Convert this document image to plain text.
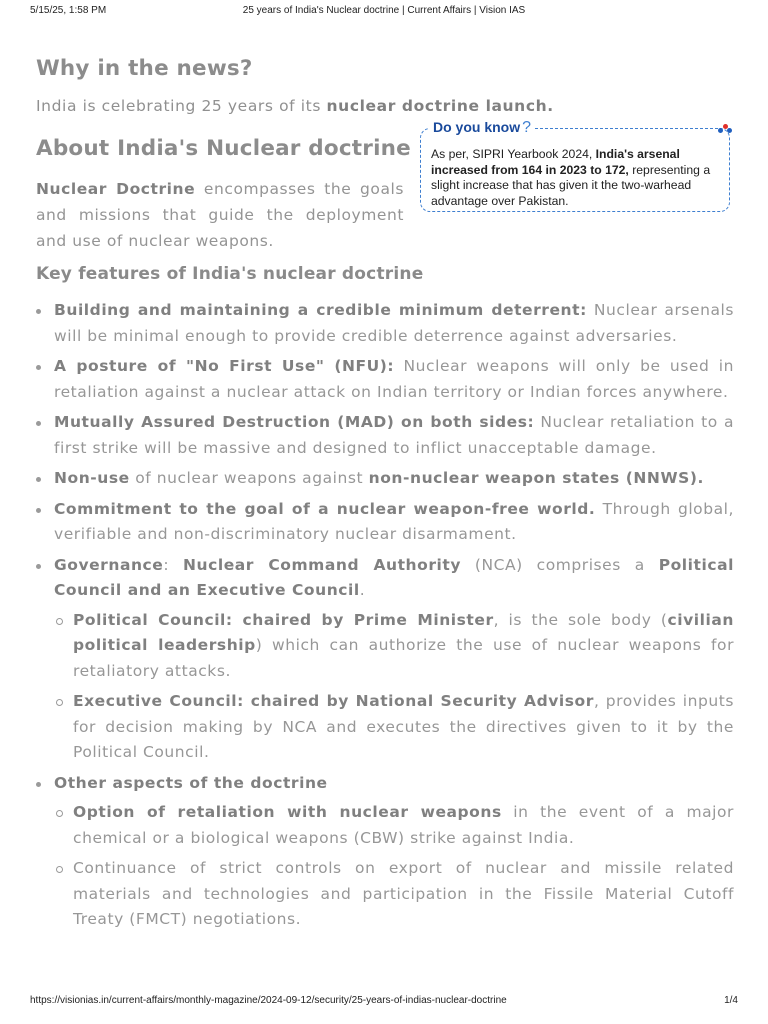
5/15/25, 1:58 PM	25 years of India's Nuclear doctrine | Current Affairs | Vision IAS
Why in the news?
India is celebrating 25 years of its nuclear doctrine launch.
About India's Nuclear doctrine
Nuclear Doctrine encompasses the goals and missions that guide the deployment and use of nuclear weapons.
Do you know ?
As per, SIPRI Yearbook 2024, India's arsenal increased from 164 in 2023 to 172, representing a slight increase that has given it the two-warhead advantage over Pakistan.
Key features of India's nuclear doctrine
Building and maintaining a credible minimum deterrent: Nuclear arsenals will be minimal enough to provide credible deterrence against adversaries.
A posture of "No First Use" (NFU): Nuclear weapons will only be used in retaliation against a nuclear attack on Indian territory or Indian forces anywhere.
Mutually Assured Destruction (MAD) on both sides: Nuclear retaliation to a first strike will be massive and designed to inflict unacceptable damage.
Non-use of nuclear weapons against non-nuclear weapon states (NNWS).
Commitment to the goal of a nuclear weapon-free world. Through global, verifiable and non-discriminatory nuclear disarmament.
Governance: Nuclear Command Authority (NCA) comprises a Political Council and an Executive Council.
Political Council: chaired by Prime Minister, is the sole body (civilian political leadership) which can authorize the use of nuclear weapons for retaliatory attacks.
Executive Council: chaired by National Security Advisor, provides inputs for decision making by NCA and executes the directives given to it by the Political Council.
Other aspects of the doctrine
Option of retaliation with nuclear weapons in the event of a major chemical or a biological weapons (CBW) strike against India.
Continuance of strict controls on export of nuclear and missile related materials and technologies and participation in the Fissile Material Cutoff Treaty (FMCT) negotiations.
https://visionias.in/current-affairs/monthly-magazine/2024-09-12/security/25-years-of-indias-nuclear-doctrine	1/4
